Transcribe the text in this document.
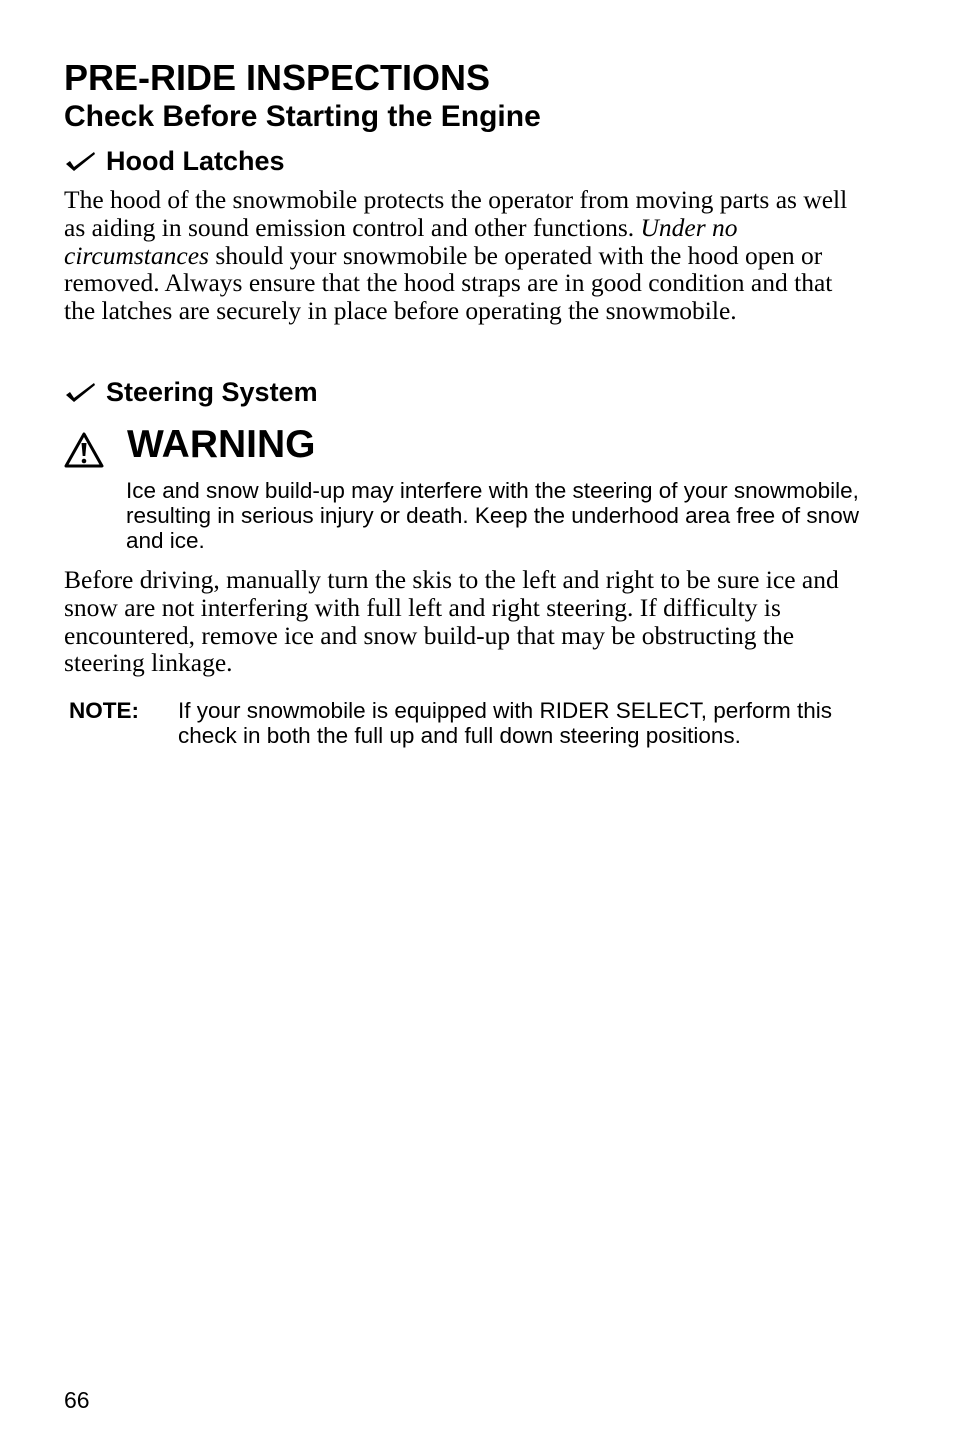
PRE-RIDE INSPECTIONS
Check Before Starting the Engine
Hood Latches

The hood of the snowmobile protects the operator from moving parts as well as aiding in sound emission control and other functions. Under no circumstances should your snowmobile be operated with the hood open or removed. Always ensure that the hood straps are in good condition and that the latches are securely in place before operating the snowmobile.

Steering System
WARNING

Ice and snow build-up may interfere with the steering of your snowmobile, resulting in serious injury or death. Keep the underhood area free of snow and ice.

Before driving, manually turn the skis to the left and right to be sure ice and snow are not interfering with full left and right steering. If difficulty is encountered, remove ice and snow build-up that may be obstructing the steering linkage.

NOTE: If your snowmobile is equipped with RIDER SELECT, perform this check in both the full up and full down steering positions.

66
